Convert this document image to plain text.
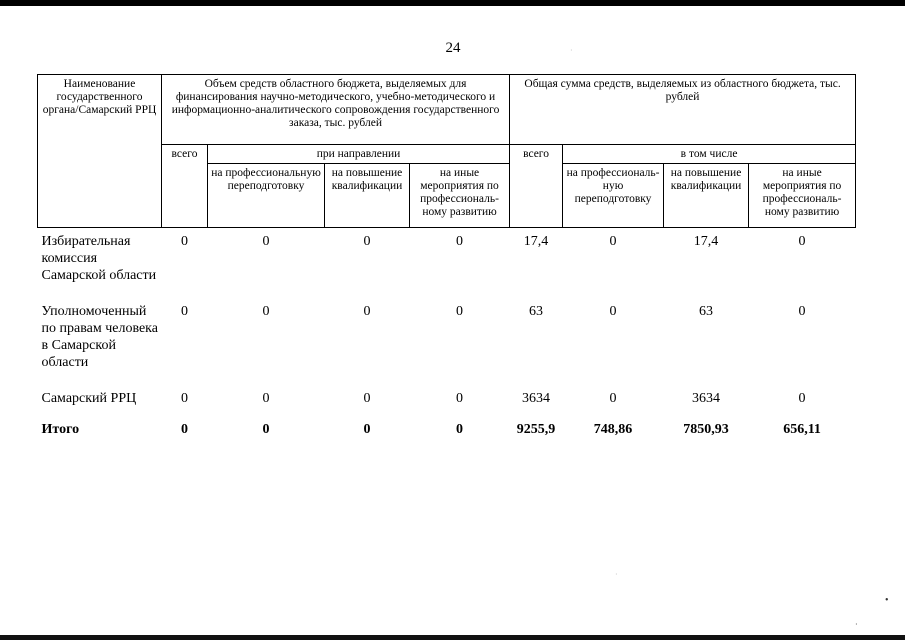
24
Наименование государственного органа/Самарский РРЦ	Объем средств областного бюджета, выделяемых для финансирования научно-методического, учебно-методического и информационно-аналитического сопровождения государственного заказа, тыс. рублей				Общая сумма средств, выделяемых из областного бюджета, тыс. рублей			
	всего	при направлении			всего	в том числе		
		на профессиональную переподготовку	на повышение квалификации	на иные мероприятия по профессиональ-ному развитию		на профессиональ-ную переподготовку	на повышение квалификации	на иные мероприятия по профессиональ-ному развитию
Избирательная комиссия Самарской области	0	0	0	0	17,4	0	17,4	0
Уполномоченный по правам человека в Самарской области	0	0	0	0	63	0	63	0
Самарский РРЦ	0	0	0	0	3634	0	3634	0
Итого	0	0	0	0	9255,9	748,86	7850,93	656,11
·
·
•
·
